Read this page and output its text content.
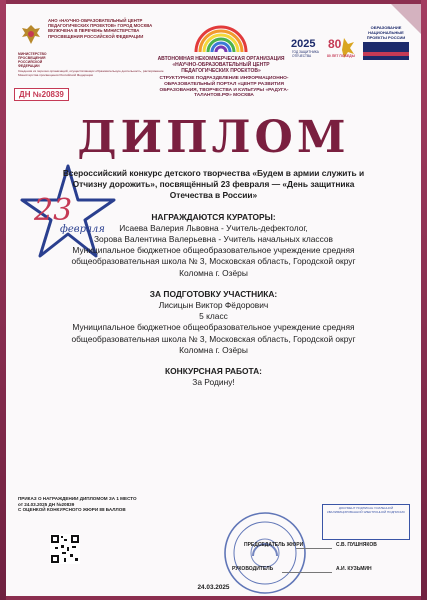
АНО «НАУЧНО-ОБРАЗОВАТЕЛЬНЫЙ ЦЕНТР ПЕДАГОГИЧЕСКИХ ПРОЕКТОВ» ГОРОД МОСКВА ВКЛЮЧЕНА В ПЕРЕЧЕНЬ МИНИСТЕРСТВА ПРОСВЕЩЕНИЯ РОССИЙСКОЙ ФЕДЕРАЦИИ
МИНИСТЕРСТВО ПРОСВЕЩЕНИЯ РОССИЙСКОЙ ФЕДЕРАЦИИ
Сведения из перечня организаций, осуществляющих образовательную деятельность, распоряжение Министерства просвещения Российской Федерации
АВТОНОМНАЯ НЕКОММЕРЧЕСКАЯ ОРГАНИЗАЦИЯ «НАУЧНО-ОБРАЗОВАТЕЛЬНЫЙ ЦЕНТР ПЕДАГОГИЧЕСКИХ ПРОЕКТОВ»
2025
ГОД ЗАЩИТНИКА ОТЕЧЕСТВА
80
80 ЛЕТ ПОБЕДЫ
ОБРАЗОВАНИЕ НАЦИОНАЛЬНЫЕ ПРОЕКТЫ РОССИИ
ДН №20839
СТРУКТУРНОЕ ПОДРАЗДЕЛЕНИЕ ИНФОРМАЦИОННО-ОБРАЗОВАТЕЛЬНЫЙ ПОРТАЛ «ЦЕНТР РАЗВИТИЯ ОБРАЗОВАНИЯ, ТВОРЧЕСТВА И КУЛЬТУРЫ «РАДУГА-ТАЛАНТОВ.РФ» МОСКВА
ДИПЛОМ
23
февраля
Всероссийский конкурс детского творчества «Будем в армии служить и
Отчизну дорожить», посвящённый 23 февраля — «День защитника
Отечества в России»
НАГРАЖДАЮТСЯ КУРАТОРЫ:
Исаева Валерия Львовна - Учитель-дефектолог,
Зорова Валентина Валерьевна - Учитель начальных классов
Муниципальное бюджетное общеобразовательное учреждение средняя
общеобразовательная школа № 3, Московская область, Городской округ
Коломна г. Озёры
ЗА ПОДГОТОВКУ УЧАСТНИКА:
Лисицын Виктор Фёдорович
5 класс
Муниципальное бюджетное общеобразовательное учреждение средняя
общеобразовательная школа № 3, Московская область, Городской округ
Коломна г. Озёры
КОНКУРСНАЯ РАБОТА:
За Родину!
ПРИКАЗ О НАГРАЖДЕНИИ ДИПЛОМОМ ЗА 1 МЕСТО
от 24.03.2025 ДН №20839
С ОЦЕНКОЙ КОНКУРСНОГО ЖЮРИ 88 БАЛЛОВ	ДОКУМЕНТ ПОДПИСАН УСИЛЕННОЙ КВАЛИФИЦИРОВАННОЙ ЭЛЕКТРОННОЙ ПОДПИСЬЮ
ПРЕДСЕДАТЕЛЬ ЖЮРИ	С.В. ПУШНЯКОВ
РУКОВОДИТЕЛЬ	А.И. КУЗЬМИН
24.03.2025
